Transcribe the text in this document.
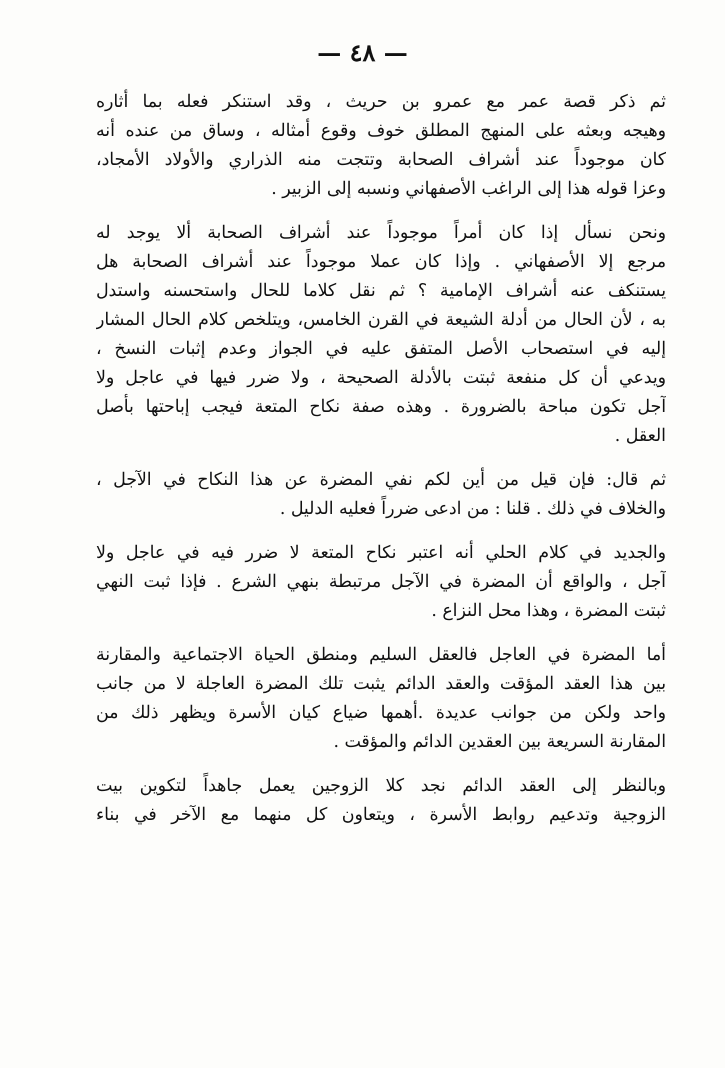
— ٤٨ —

ثم ذكر قصة عمر مع عمرو بن حريث ، وقد استنكر فعله بما أثاره
وهيجه وبعثه على المنهج المطلق خوف وقوع أمثاله ، وساق من عنده أنه
كان موجوداً عند أشراف الصحابة وتتجت منه الذراري والأولاد الأمجاد،
وعزا قوله هذا إلى الراغب الأصفهاني ونسبه إلى الزبير .

ونحن نسأل إذا كان أمراً موجوداً عند أشراف الصحابة ألا يوجد له
مرجع إلا الأصفهاني . وإذا كان عملا موجوداً عند أشراف الصحابة هل
يستنكف عنه أشراف الإمامية ؟ ثم نقل كلاما للحال واستحسنه واستدل
به ، لأن الحال من أدلة الشيعة في القرن الخامس، ويتلخص كلام الحال المشار
إليه في استصحاب الأصل المتفق عليه في الجواز وعدم إثبات النسخ ،
ويدعي أن كل منفعة ثبتت بالأدلة الصحيحة ، ولا ضرر فيها في عاجل ولا
آجل تكون مباحة بالضرورة . وهذه صفة نكاح المتعة فيجب إباحتها بأصل
العقل .

ثم قال: فإن قيل من أين لكم نفي المضرة عن هذا النكاح في الآجل ،
والخلاف في ذلك . قلنا : من ادعى ضرراً فعليه الدليل .

والجديد في كلام الحلي أنه اعتبر نكاح المتعة لا ضرر فيه في عاجل ولا
آجل ، والواقع أن المضرة في الآجل مرتبطة بنهي الشرع . فإذا ثبت النهي
ثبتت المضرة ، وهذا محل النزاع .

أما المضرة في العاجل فالعقل السليم ومنطق الحياة الاجتماعية والمقارنة
بين هذا العقد المؤقت والعقد الدائم يثبت تلك المضرة العاجلة لا من جانب
واحد ولكن من جوانب عديدة .أهمها ضياع كيان الأسرة ويظهر ذلك من
المقارنة السريعة بين العقدين الدائم والمؤقت .

وبالنظر إلى العقد الدائم نجد كلا الزوجين يعمل جاهداً لتكوين بيت
الزوجية وتدعيم روابط الأسرة ، ويتعاون كل منهما مع الآخر في بناء
